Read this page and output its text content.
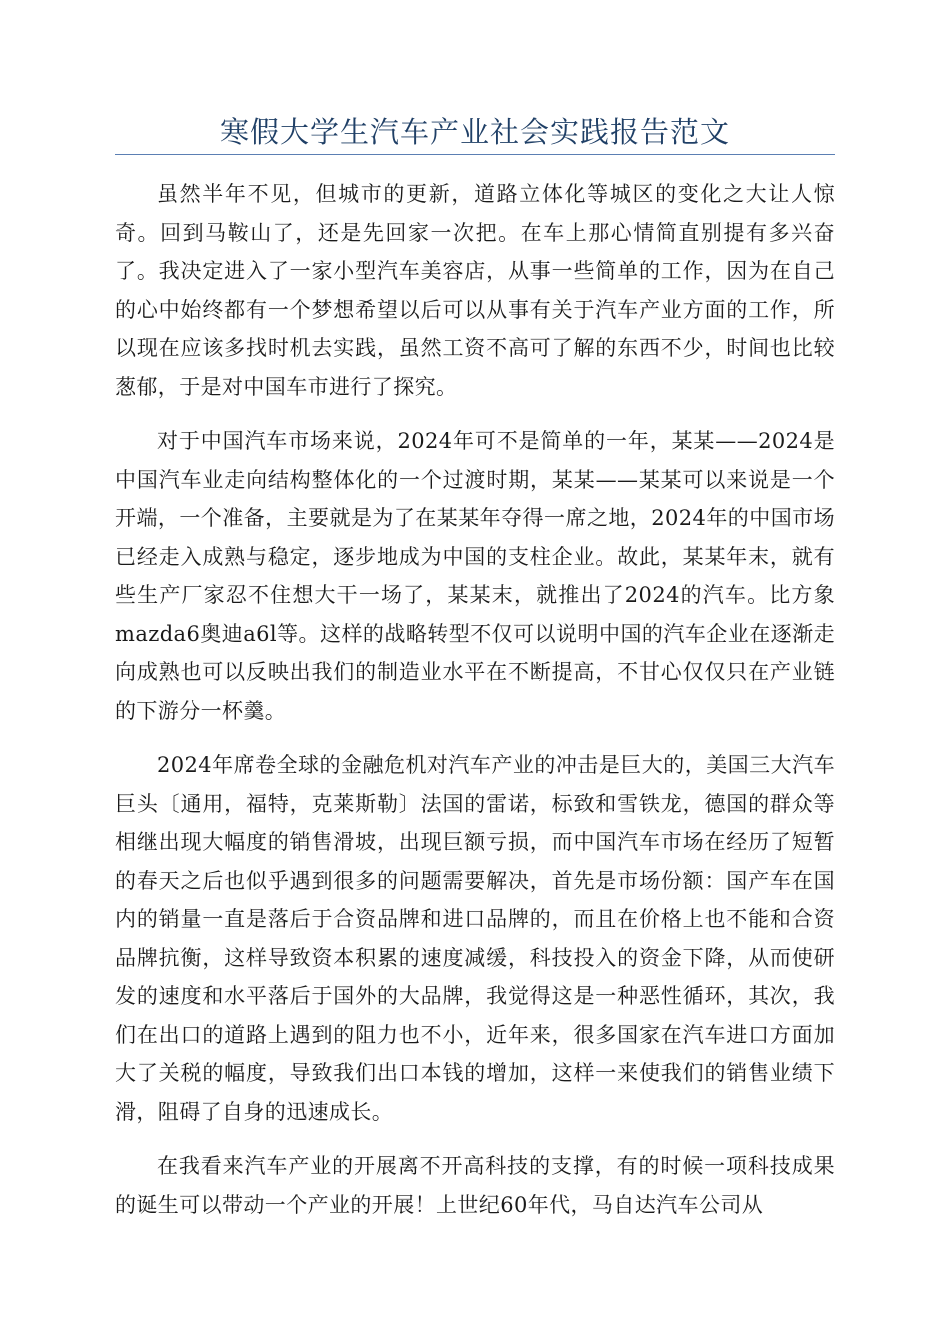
寒假大学生汽车产业社会实践报告范文

虽然半年不见，但城市的更新，道路立体化等城区的变化之大让人惊奇。回到马鞍山了，还是先回家一次把。在车上那心情简直别提有多兴奋了。我决定进入了一家小型汽车美容店，从事一些简单的工作，因为在自己的心中始终都有一个梦想希望以后可以从事有关于汽车产业方面的工作，所以现在应该多找时机去实践，虽然工资不高可了解的东西不少，时间也比较葱郁，于是对中国车市进行了探究。

对于中国汽车市场来说，2024年可不是简单的一年，某某——2024是中国汽车业走向结构整体化的一个过渡时期，某某——某某可以来说是一个开端，一个准备，主要就是为了在某某年夺得一席之地，2024年的中国市场已经走入成熟与稳定，逐步地成为中国的支柱企业。故此，某某年末，就有些生产厂家忍不住想大干一场了，某某末，就推出了2024的汽车。比方象mazda6奥迪a6l等。这样的战略转型不仅可以说明中国的汽车企业在逐渐走向成熟也可以反映出我们的制造业水平在不断提高，不甘心仅仅只在产业链的下游分一杯羹。

2024年席卷全球的金融危机对汽车产业的冲击是巨大的，美国三大汽车巨头〔通用，福特，克莱斯勒〕法国的雷诺，标致和雪铁龙，德国的群众等相继出现大幅度的销售滑坡，出现巨额亏损，而中国汽车市场在经历了短暂的春天之后也似乎遇到很多的问题需要解决，首先是市场份额：国产车在国内的销量一直是落后于合资品牌和进口品牌的，而且在价格上也不能和合资品牌抗衡，这样导致资本积累的速度减缓，科技投入的资金下降，从而使研发的速度和水平落后于国外的大品牌，我觉得这是一种恶性循环，其次，我们在出口的道路上遇到的阻力也不小，近年来，很多国家在汽车进口方面加大了关税的幅度，导致我们出口本钱的增加，这样一来使我们的销售业绩下滑，阻碍了自身的迅速成长。

在我看来汽车产业的开展离不开高科技的支撑，有的时候一项科技成果的诞生可以带动一个产业的开展！上世纪60年代，马自达汽车公司从
